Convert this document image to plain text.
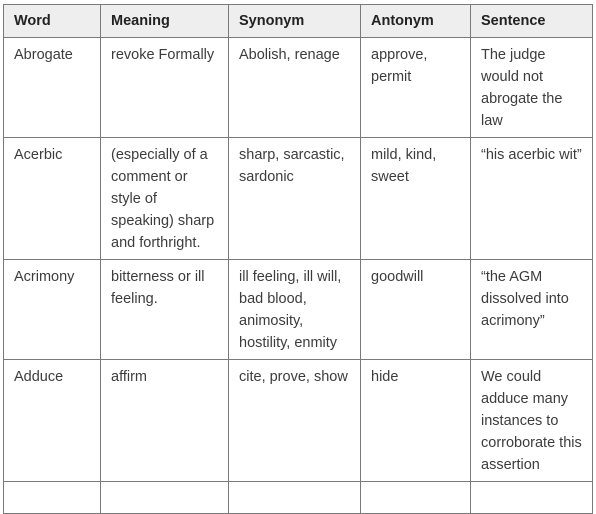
Word	Meaning	Synonym	Antonym	Sentence
Abrogate	revoke Formally	Abolish, renage	approve, permit	The judge would not abrogate the law
Acerbic	(especially of a comment or style of speaking) sharp and forthright.	sharp, sarcastic, sardonic	mild, kind, sweet	“his acerbic wit”
Acrimony	bitterness or ill feeling.	ill feeling, ill will, bad blood, animosity, hostility, enmity	goodwill	“the AGM dissolved into acrimony”
Adduce	affirm	cite, prove, show	hide	We could adduce many instances to corroborate this assertion
